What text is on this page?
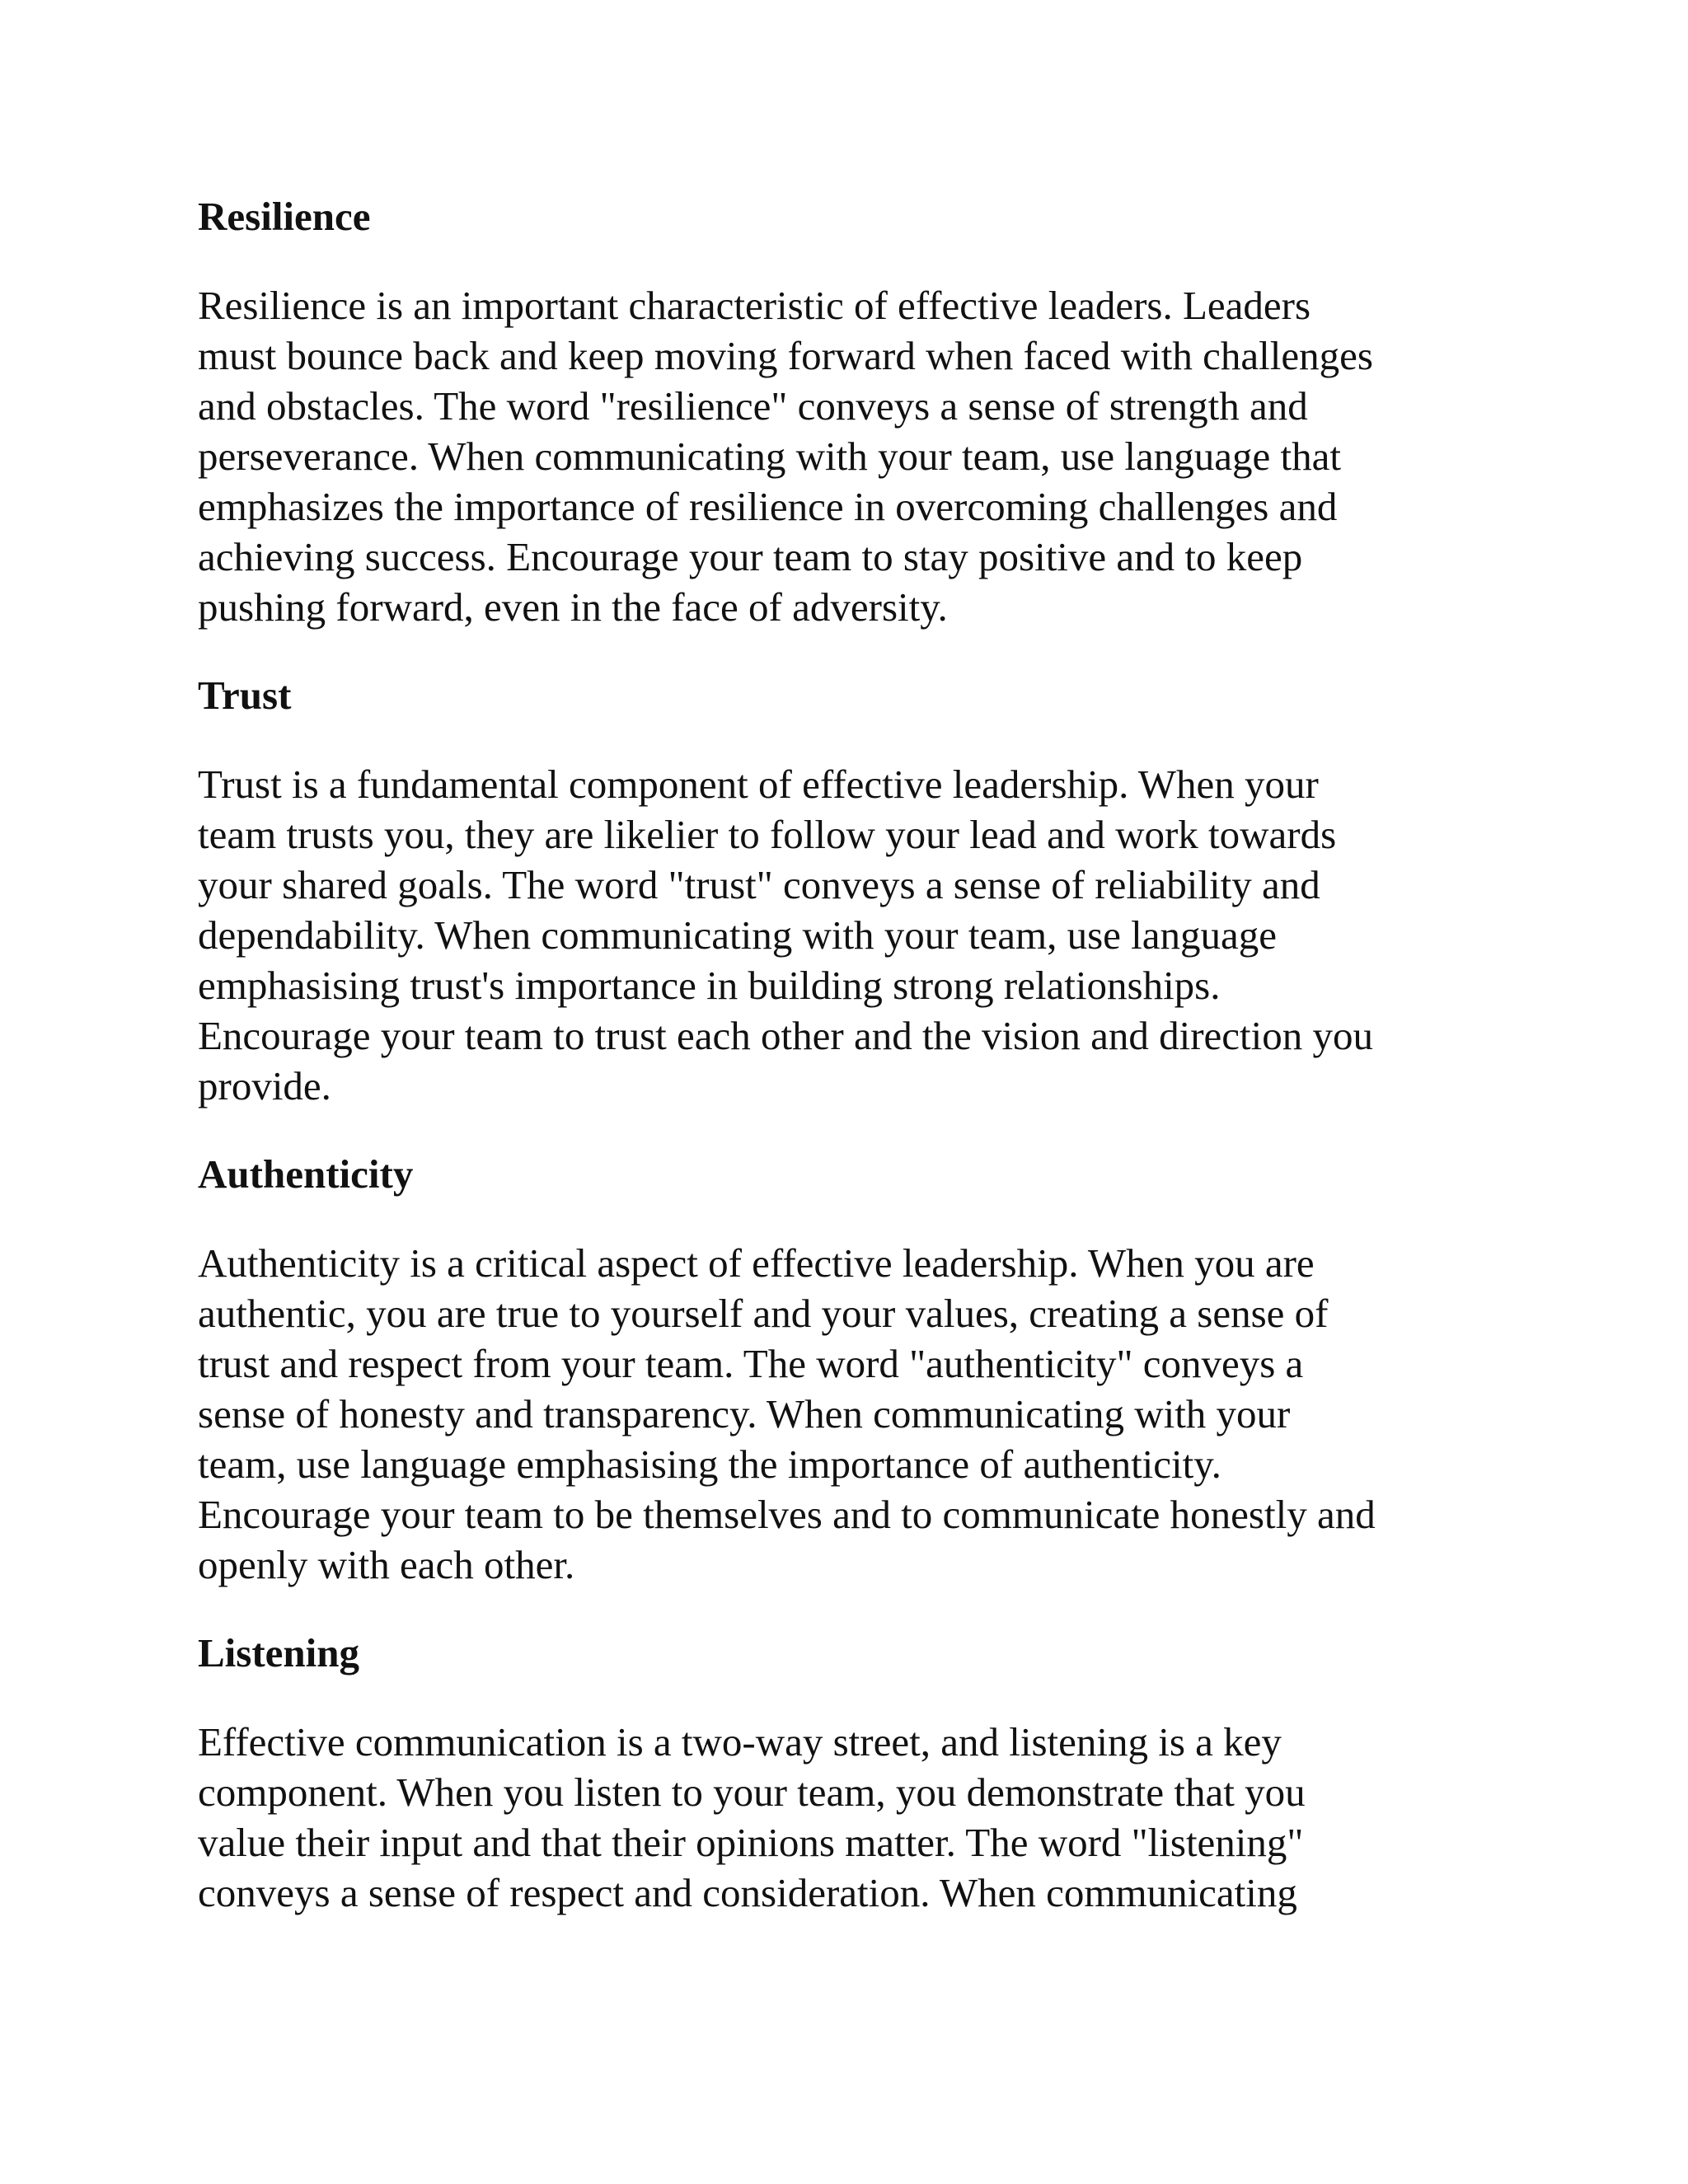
Resilience
Resilience is an important characteristic of effective leaders. Leaders
must bounce back and keep moving forward when faced with challenges
and obstacles. The word "resilience" conveys a sense of strength and
perseverance. When communicating with your team, use language that
emphasizes the importance of resilience in overcoming challenges and
achieving success. Encourage your team to stay positive and to keep
pushing forward, even in the face of adversity.
Trust
Trust is a fundamental component of effective leadership. When your
team trusts you, they are likelier to follow your lead and work towards
your shared goals. The word "trust" conveys a sense of reliability and
dependability. When communicating with your team, use language
emphasising trust's importance in building strong relationships.
Encourage your team to trust each other and the vision and direction you
provide.
Authenticity
Authenticity is a critical aspect of effective leadership. When you are
authentic, you are true to yourself and your values, creating a sense of
trust and respect from your team. The word "authenticity" conveys a
sense of honesty and transparency. When communicating with your
team, use language emphasising the importance of authenticity.
Encourage your team to be themselves and to communicate honestly and
openly with each other.
Listening
Effective communication is a two-way street, and listening is a key
component. When you listen to your team, you demonstrate that you
value their input and that their opinions matter. The word "listening"
conveys a sense of respect and consideration. When communicating
